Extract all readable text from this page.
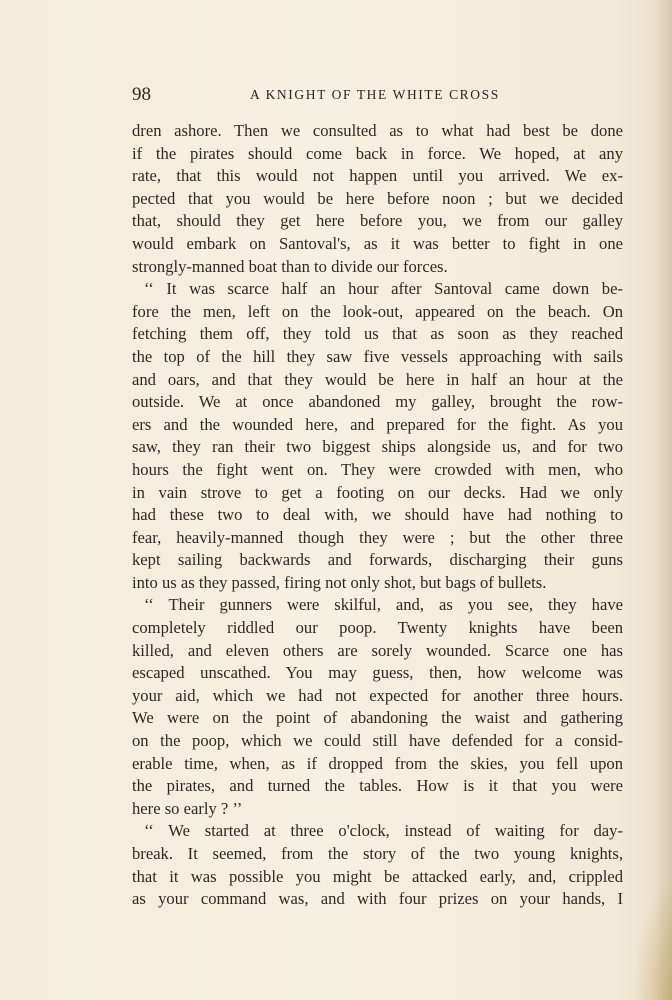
98	A KNIGHT OF THE WHITE CROSS
dren ashore. Then we consulted as to what had best be done
if the pirates should come back in force. We hoped, at any
rate, that this would not happen until you arrived. We ex-
pected that you would be here before noon ; but we decided
that, should they get here before you, we from our galley
would embark on Santoval's, as it was better to fight in one
strongly-manned boat than to divide our forces.
‘‘ It was scarce half an hour after Santoval came down be-
fore the men, left on the look-out, appeared on the beach. On
fetching them off, they told us that as soon as they reached
the top of the hill they saw five vessels approaching with sails
and oars, and that they would be here in half an hour at the
outside. We at once abandoned my galley, brought the row-
ers and the wounded here, and prepared for the fight. As you
saw, they ran their two biggest ships alongside us, and for two
hours the fight went on. They were crowded with men, who
in vain strove to get a footing on our decks. Had we only
had these two to deal with, we should have had nothing to
fear, heavily-manned though they were ; but the other three
kept sailing backwards and forwards, discharging their guns
into us as they passed, firing not only shot, but bags of bullets.
‘‘ Their gunners were skilful, and, as you see, they have
completely riddled our poop. Twenty knights have been
killed, and eleven others are sorely wounded. Scarce one has
escaped unscathed. You may guess, then, how welcome was
your aid, which we had not expected for another three hours.
We were on the point of abandoning the waist and gathering
on the poop, which we could still have defended for a consid-
erable time, when, as if dropped from the skies, you fell upon
the pirates, and turned the tables. How is it that you were
here so early ? ’’
‘‘ We started at three o'clock, instead of waiting for day-
break. It seemed, from the story of the two young knights,
that it was possible you might be attacked early, and, crippled
as your command was, and with four prizes on your hands, I
